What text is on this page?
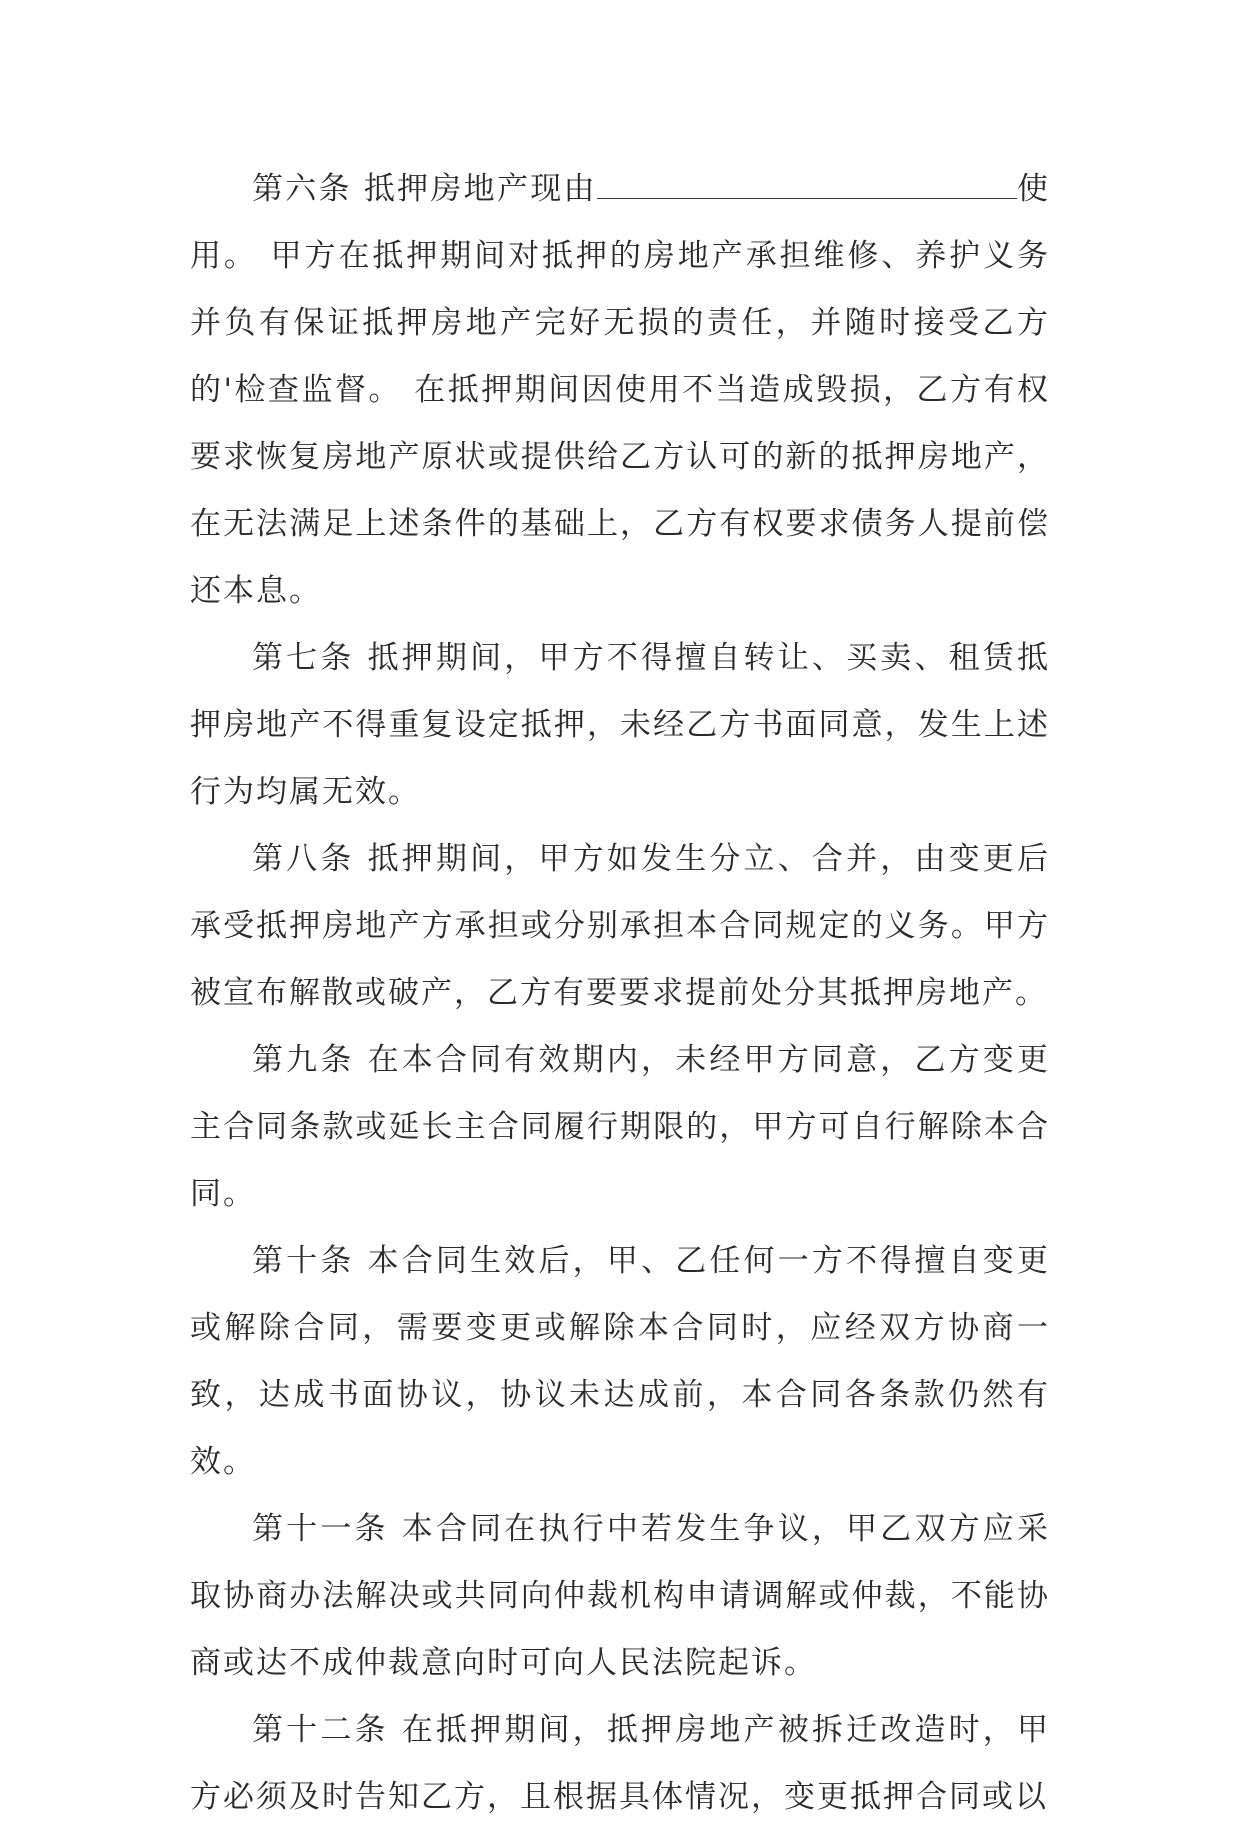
第六条 抵押房地产现由	使用。 甲方在抵押期间对抵押的房地产承担维修、养护义务并负有保证抵押房地产完好无损的责任，并随时接受乙方的'检查监督。 在抵押期间因使用不当造成毁损，乙方有权要求恢复房地产原状或提供给乙方认可的新的抵押房地产，在无法满足上述条件的基础上，乙方有权要求债务人提前偿还本息。

第七条 抵押期间，甲方不得擅自转让、买卖、租赁抵押房地产不得重复设定抵押，未经乙方书面同意，发生上述行为均属无效。

第八条 抵押期间，甲方如发生分立、合并，由变更后承受抵押房地产方承担或分别承担本合同规定的义务。甲方被宣布解散或破产，乙方有要要求提前处分其抵押房地产。

第九条 在本合同有效期内，未经甲方同意，乙方变更主合同条款或延长主合同履行期限的，甲方可自行解除本合同。

第十条 本合同生效后，甲、乙任何一方不得擅自变更或解除合同，需要变更或解除本合同时，应经双方协商一致，达成书面协议，协议未达成前，本合同各条款仍然有效。

第十一条 本合同在执行中若发生争议，甲乙双方应采取协商办法解决或共同向仲裁机构申请调解或仲裁，不能协商或达不成仲裁意向时可向人民法院起诉。

第十二条 在抵押期间，抵押房地产被拆迁改造时，甲方必须及时告知乙方，且根据具体情况，变更抵押合同或以
